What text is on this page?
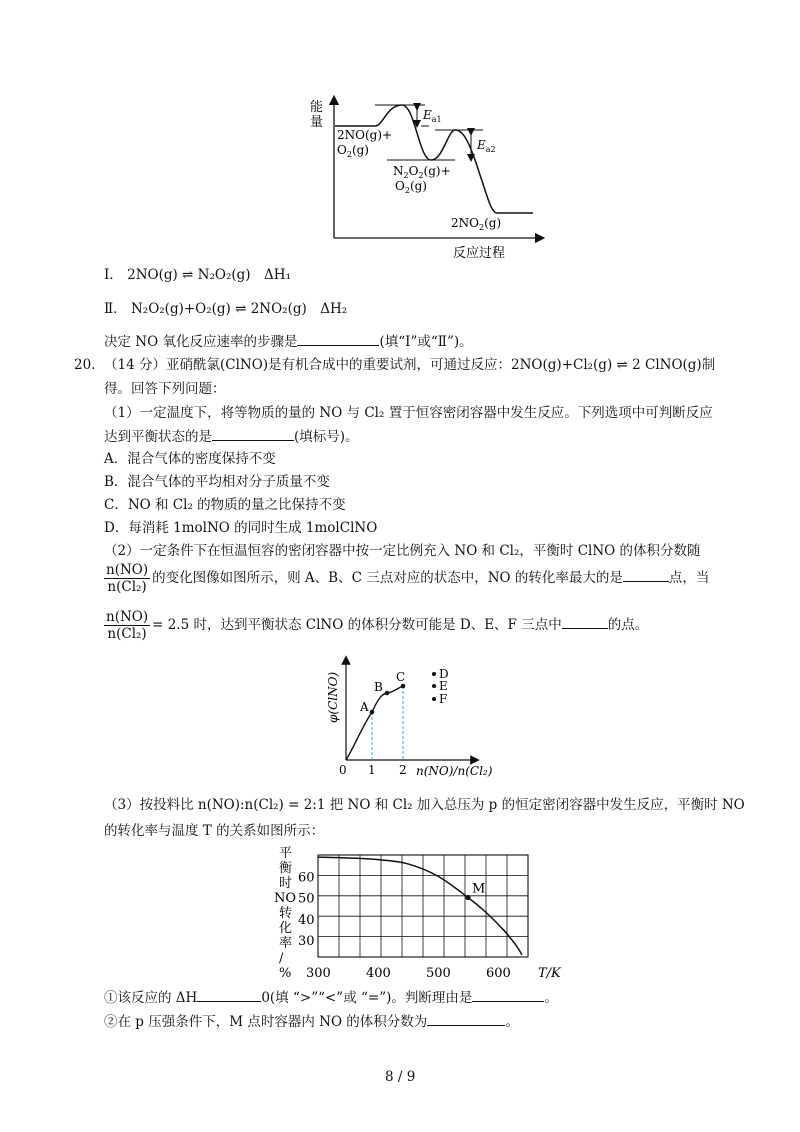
能
量
反应过程
$E_{a1}$
$E_{a2}$
2NO(g)+
$O_2(g)$
$N_2O_2(g)+$
$O_2(g)$
$2NO_2(g)$
Ⅰ． 2NO(g) ⇌ N₂O₂(g)　ΔH₁
Ⅱ． N₂O₂(g)+O₂(g) ⇌ 2NO₂(g)　ΔH₂
决定 NO 氧化反应速率的步骤是	(填“Ⅰ”或“Ⅱ”)。
20. （14 分）亚硝酰氯(ClNO)是有机合成中的重要试剂，可通过反应：2NO(g)+Cl₂(g) ⇌ 2 ClNO(g)制
得。回答下列问题：
（1）一定温度下，将等物质的量的 NO 与 Cl₂ 置于恒容密闭容器中发生反应。下列选项中可判断反应
达到平衡状态的是	(填标号)。
A．混合气体的密度保持不变
B．混合气体的平均相对分子质量不变
C．NO 和 Cl₂ 的物质的量之比保持不变
D．每消耗 1molNO 的同时生成 1molClNO
（2）一定条件下在恒温恒容的密闭容器中按一定比例充入 NO 和 Cl₂，平衡时 ClNO 的体积分数随
$\frac{n(NO)}{\text{n(Cl₂)}}$ 的变化图像如图所示，则 A、B、C 三点对应的状态中，NO 的转化率最大的是	点，当
$\frac{n(NO)}{\text{n(Cl₂)}} = 2.5$ 时，达到平衡状态 ClNO 的体积分数可能是 D、E、F 三点中	的点。
φ(ClNO) A
B
C	D
E
F
0 1 2 n(NO)/n(Cl₂)
（3）按投料比 n(NO):n(Cl₂) = 2:1 把 NO 和 Cl₂ 加入总压为 p 的恒定密闭容器中发生反应，平衡时 NO
的转化率与温度 T 的关系如图所示：
平
衡
时
NO
转
化
率
/
% 300	400	500	600
60
50
40
30
M
T/K
①该反应的 ΔH	0(填 “>”“<”或 “=”)。判断理由是	。
②在 p 压强条件下，M 点时容器内 NO 的体积分数为	。
8 / 9
